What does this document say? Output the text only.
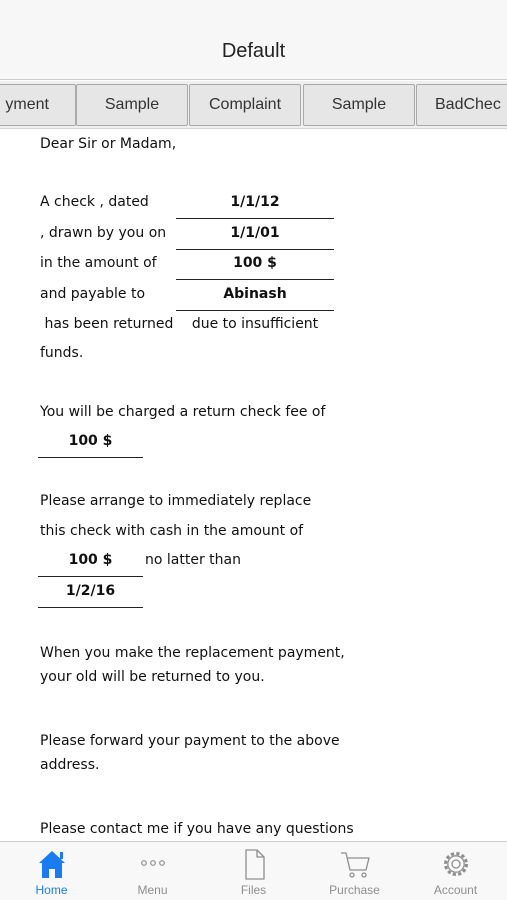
Default
yment	Sample	Complaint	Sample	BadChec
Dear Sir or Madam,
A check , dated	1/1/12
, drawn by you on	1/1/01
in the amount of	100 $
and payable to	Abinash
has been returned	due to insufficient
funds.
You will be charged a return check fee of
100 $
Please arrange to immediately replace
this check with cash in the amount of
100 $	no latter than
1/2/16
When you make the replacement payment,
your old will be returned to you.
Please forward your payment to the above
address.
Please contact me if you have any questions
Home	Menu	Files	Purchase	Account
